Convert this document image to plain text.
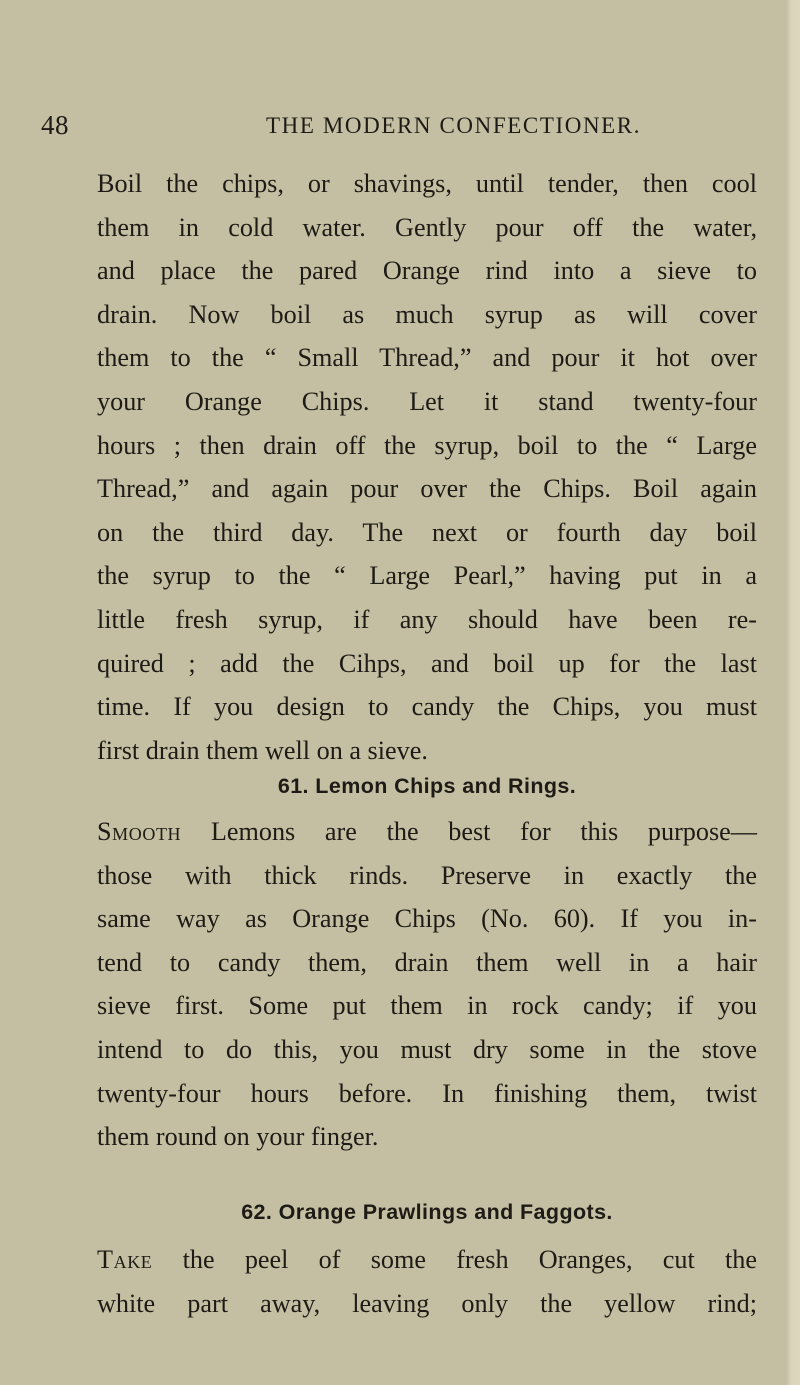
48	THE MODERN CONFECTIONER.
Boil the chips, or shavings, until tender, then cool
them in cold water. Gently pour off the water,
and place the pared Orange rind into a sieve to
drain. Now boil as much syrup as will cover
them to the “ Small Thread,” and pour it hot over
your Orange Chips. Let it stand twenty-four
hours ; then drain off the syrup, boil to the “ Large
Thread,” and again pour over the Chips. Boil again
on the third day. The next or fourth day boil
the syrup to the “ Large Pearl,” having put in a
little fresh syrup, if any should have been re-
quired ; add the Cihps, and boil up for the last
time. If you design to candy the Chips, you must
first drain them well on a sieve.
61. Lemon Chips and Rings.
Smooth Lemons are the best for this purpose—
those with thick rinds. Preserve in exactly the
same way as Orange Chips (No. 60). If you in-
tend to candy them, drain them well in a hair
sieve first. Some put them in rock candy; if you
intend to do this, you must dry some in the stove
twenty-four hours before. In finishing them, twist
them round on your finger.
62. Orange Prawlings and Faggots.
Take the peel of some fresh Oranges, cut the
white part away, leaving only the yellow rind;
